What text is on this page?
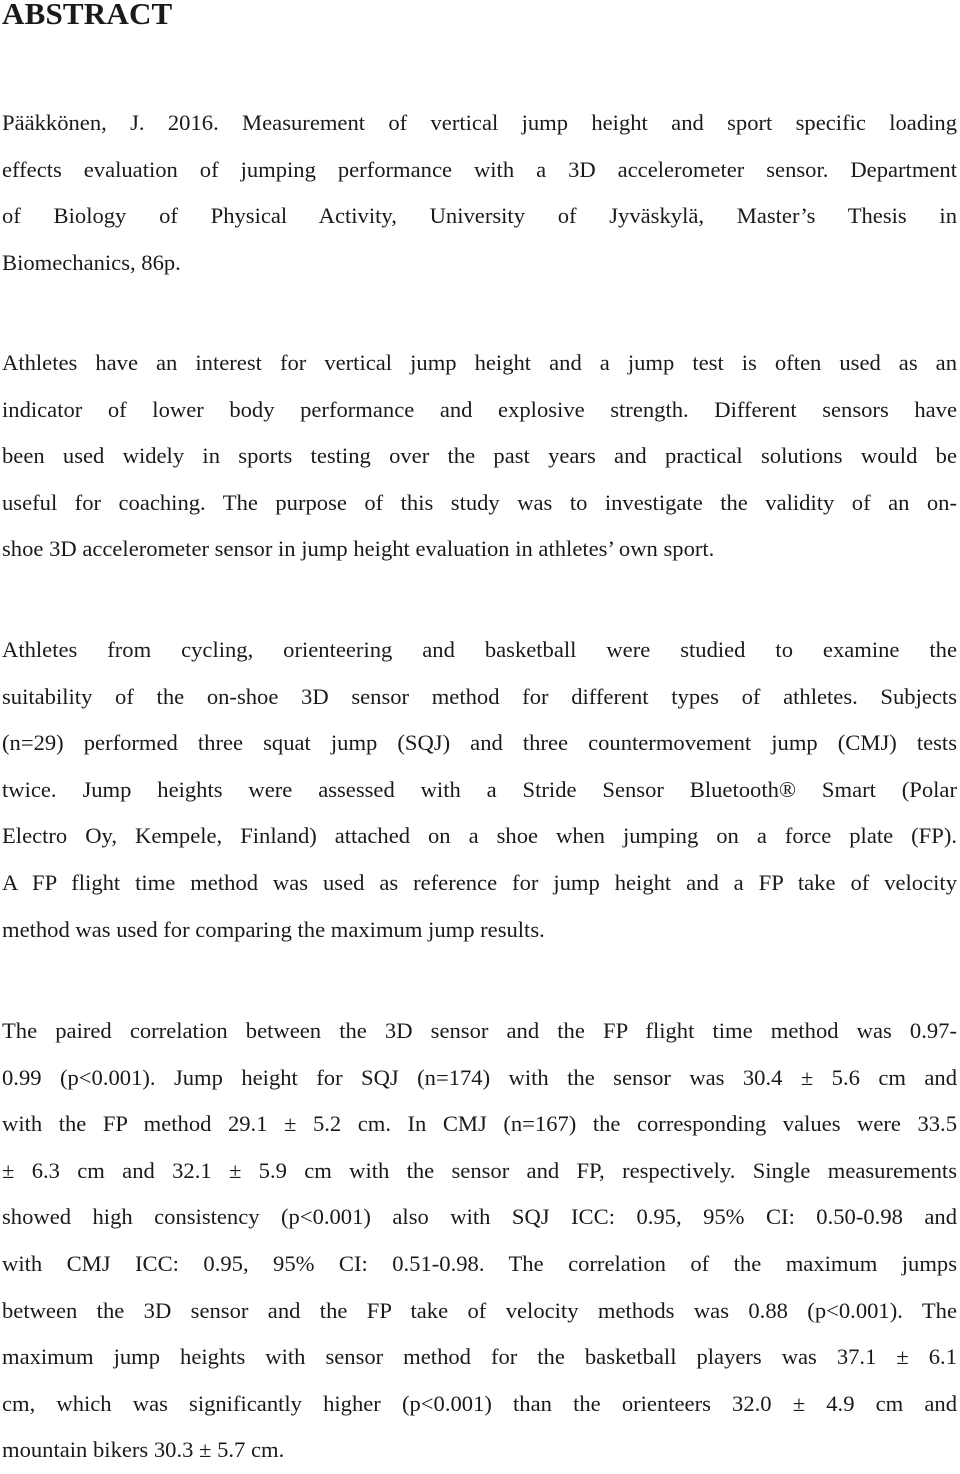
ABSTRACT
Pääkkönen, J. 2016. Measurement of vertical jump height and sport specific loading
effects evaluation of jumping performance with a 3D accelerometer sensor. Department
of Biology of Physical Activity, University of Jyväskylä, Master’s Thesis in
Biomechanics, 86p.
Athletes have an interest for vertical jump height and a jump test is often used as an
indicator of lower body performance and explosive strength. Different sensors have
been used widely in sports testing over the past years and practical solutions would be
useful for coaching. The purpose of this study was to investigate the validity of an on-
shoe 3D accelerometer sensor in jump height evaluation in athletes’ own sport.
Athletes from cycling, orienteering and basketball were studied to examine the
suitability of the on-shoe 3D sensor method for different types of athletes. Subjects
(n=29) performed three squat jump (SQJ) and three countermovement jump (CMJ) tests
twice. Jump heights were assessed with a Stride Sensor Bluetooth® Smart (Polar
Electro Oy, Kempele, Finland) attached on a shoe when jumping on a force plate (FP).
A FP flight time method was used as reference for jump height and a FP take of velocity
method was used for comparing the maximum jump results.
The paired correlation between the 3D sensor and the FP flight time method was 0.97-
0.99 (p<0.001). Jump height for SQJ (n=174) with the sensor was 30.4 ± 5.6 cm and
with the FP method 29.1 ± 5.2 cm. In CMJ (n=167) the corresponding values were 33.5
± 6.3 cm and 32.1 ± 5.9 cm with the sensor and FP, respectively. Single measurements
showed high consistency (p<0.001) also with SQJ ICC: 0.95, 95% CI: 0.50-0.98 and
with CMJ ICC: 0.95, 95% CI: 0.51-0.98. The correlation of the maximum jumps
between the 3D sensor and the FP take of velocity methods was 0.88 (p<0.001). The
maximum jump heights with sensor method for the basketball players was 37.1 ± 6.1
cm, which was significantly higher (p<0.001) than the orienteers 32.0 ± 4.9 cm and
mountain bikers 30.3 ± 5.7 cm.
